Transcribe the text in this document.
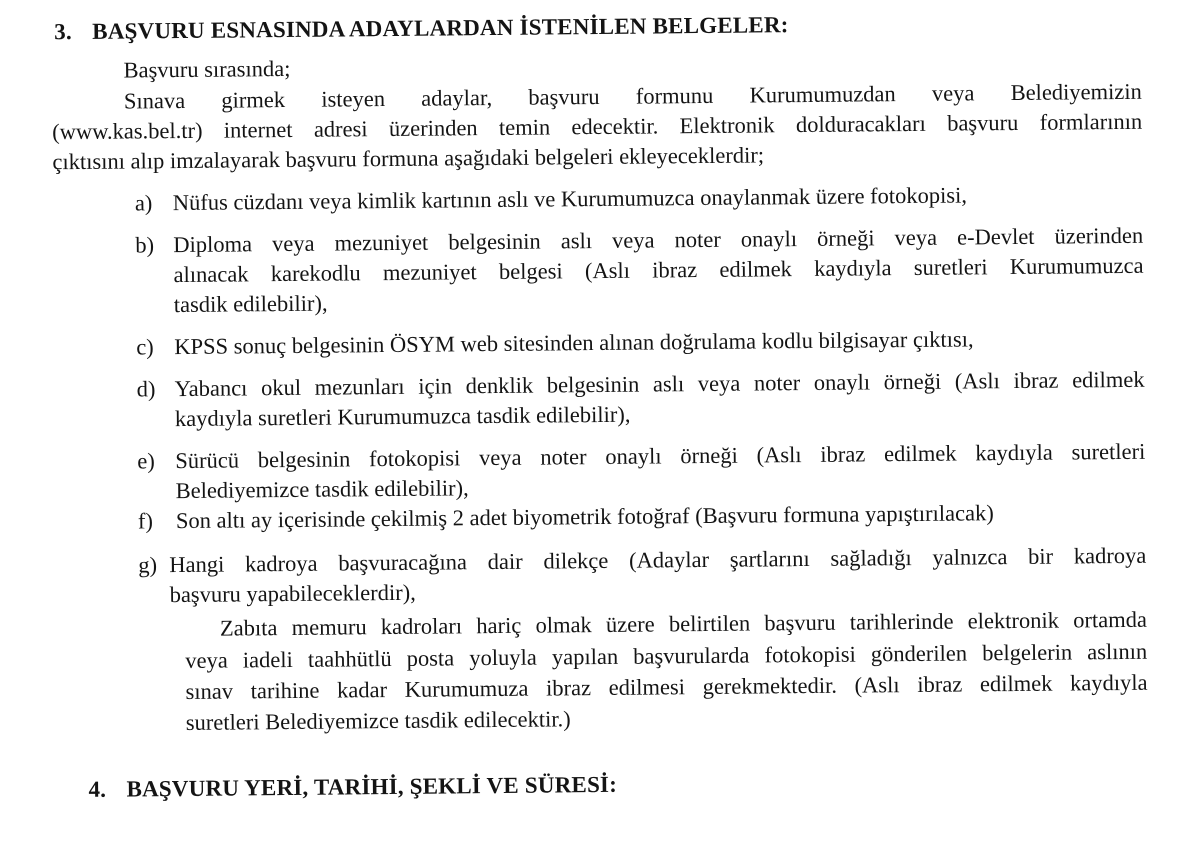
3. BAŞVURU ESNASINDA ADAYLARDAN İSTENİLEN BELGELER:
Başvuru sırasında;
Sınava girmek isteyen adaylar, başvuru formunu Kurumumuzdan veya Belediyemizin
(www.kas.bel.tr) internet adresi üzerinden temin edecektir. Elektronik dolduracakları başvuru formlarının
çıktısını alıp imzalayarak başvuru formuna aşağıdaki belgeleri ekleyeceklerdir;
a) Nüfus cüzdanı veya kimlik kartının aslı ve Kurumumuzca onaylanmak üzere fotokopisi,
b) Diploma veya mezuniyet belgesinin aslı veya noter onaylı örneği veya e-Devlet üzerinden
alınacak karekodlu mezuniyet belgesi (Aslı ibraz edilmek kaydıyla suretleri Kurumumuzca
tasdik edilebilir),
c) KPSS sonuç belgesinin ÖSYM web sitesinden alınan doğrulama kodlu bilgisayar çıktısı,
d) Yabancı okul mezunları için denklik belgesinin aslı veya noter onaylı örneği (Aslı ibraz edilmek
kaydıyla suretleri Kurumumuzca tasdik edilebilir),
e) Sürücü belgesinin fotokopisi veya noter onaylı örneği (Aslı ibraz edilmek kaydıyla suretleri
Belediyemizce tasdik edilebilir),
f) Son altı ay içerisinde çekilmiş 2 adet biyometrik fotoğraf (Başvuru formuna yapıştırılacak)
g) Hangi kadroya başvuracağına dair dilekçe (Adaylar şartlarını sağladığı yalnızca bir kadroya
başvuru yapabileceklerdir),
Zabıta memuru kadroları hariç olmak üzere belirtilen başvuru tarihlerinde elektronik ortamda
veya iadeli taahhütlü posta yoluyla yapılan başvurularda fotokopisi gönderilen belgelerin aslının
sınav tarihine kadar Kurumumuza ibraz edilmesi gerekmektedir. (Aslı ibraz edilmek kaydıyla
suretleri Belediyemizce tasdik edilecektir.)
4. BAŞVURU YERİ, TARİHİ, ŞEKLİ VE SÜRESİ:
